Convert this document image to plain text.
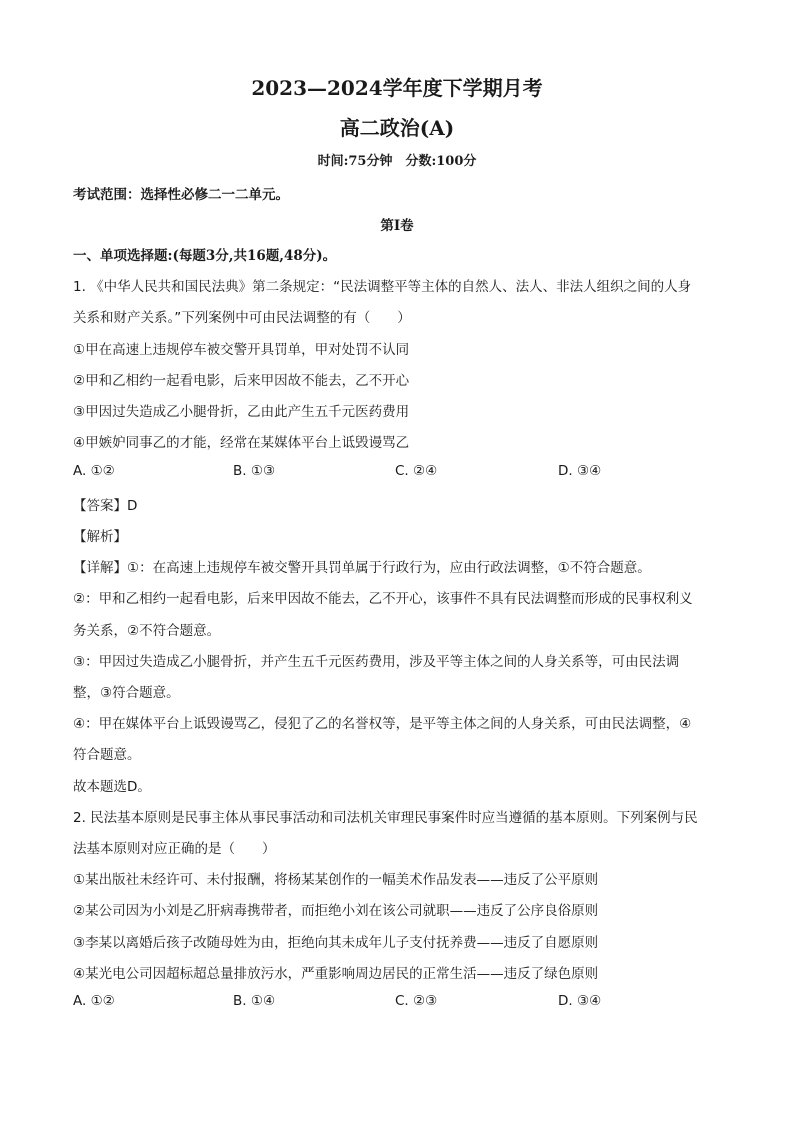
2023—2024学年度下学期月考
高二政治(A)
时间:75分钟　分数:100分
考试范围：选择性必修二一二单元。
第Ⅰ卷
一、单项选择题:(每题3分,共16题,48分)。
1. 《中华人民共和国民法典》第二条规定：“民法调整平等主体的自然人、法人、非法人组织之间的人身
关系和财产关系。”下列案例中可由民法调整的有（　　）
①甲在高速上违规停车被交警开具罚单，甲对处罚不认同
②甲和乙相约一起看电影，后来甲因故不能去，乙不开心
③甲因过失造成乙小腿骨折，乙由此产生五千元医药费用
④甲嫉妒同事乙的才能，经常在某媒体平台上诋毁谩骂乙
A. ①②	B. ①③	C. ②④	D. ③④
【答案】D
【解析】
【详解】①：在高速上违规停车被交警开具罚单属于行政行为，应由行政法调整，①不符合题意。
②：甲和乙相约一起看电影，后来甲因故不能去，乙不开心，该事件不具有民法调整而形成的民事权利义
务关系，②不符合题意。
③：甲因过失造成乙小腿骨折，并产生五千元医药费用，涉及平等主体之间的人身关系等，可由民法调
整，③符合题意。
④：甲在媒体平台上诋毁谩骂乙，侵犯了乙的名誉权等，是平等主体之间的人身关系，可由民法调整，④
符合题意。
故本题选D。
2. 民法基本原则是民事主体从事民事活动和司法机关审理民事案件时应当遵循的基本原则。下列案例与民
法基本原则对应正确的是（　　）
①某出版社未经许可、未付报酬，将杨某某创作的一幅美术作品发表——违反了公平原则
②某公司因为小刘是乙肝病毒携带者，而拒绝小刘在该公司就职——违反了公序良俗原则
③李某以离婚后孩子改随母姓为由，拒绝向其未成年儿子支付抚养费——违反了自愿原则
④某光电公司因超标超总量排放污水，严重影响周边居民的正常生活——违反了绿色原则
A. ①②	B. ①④	C. ②③	D. ③④
